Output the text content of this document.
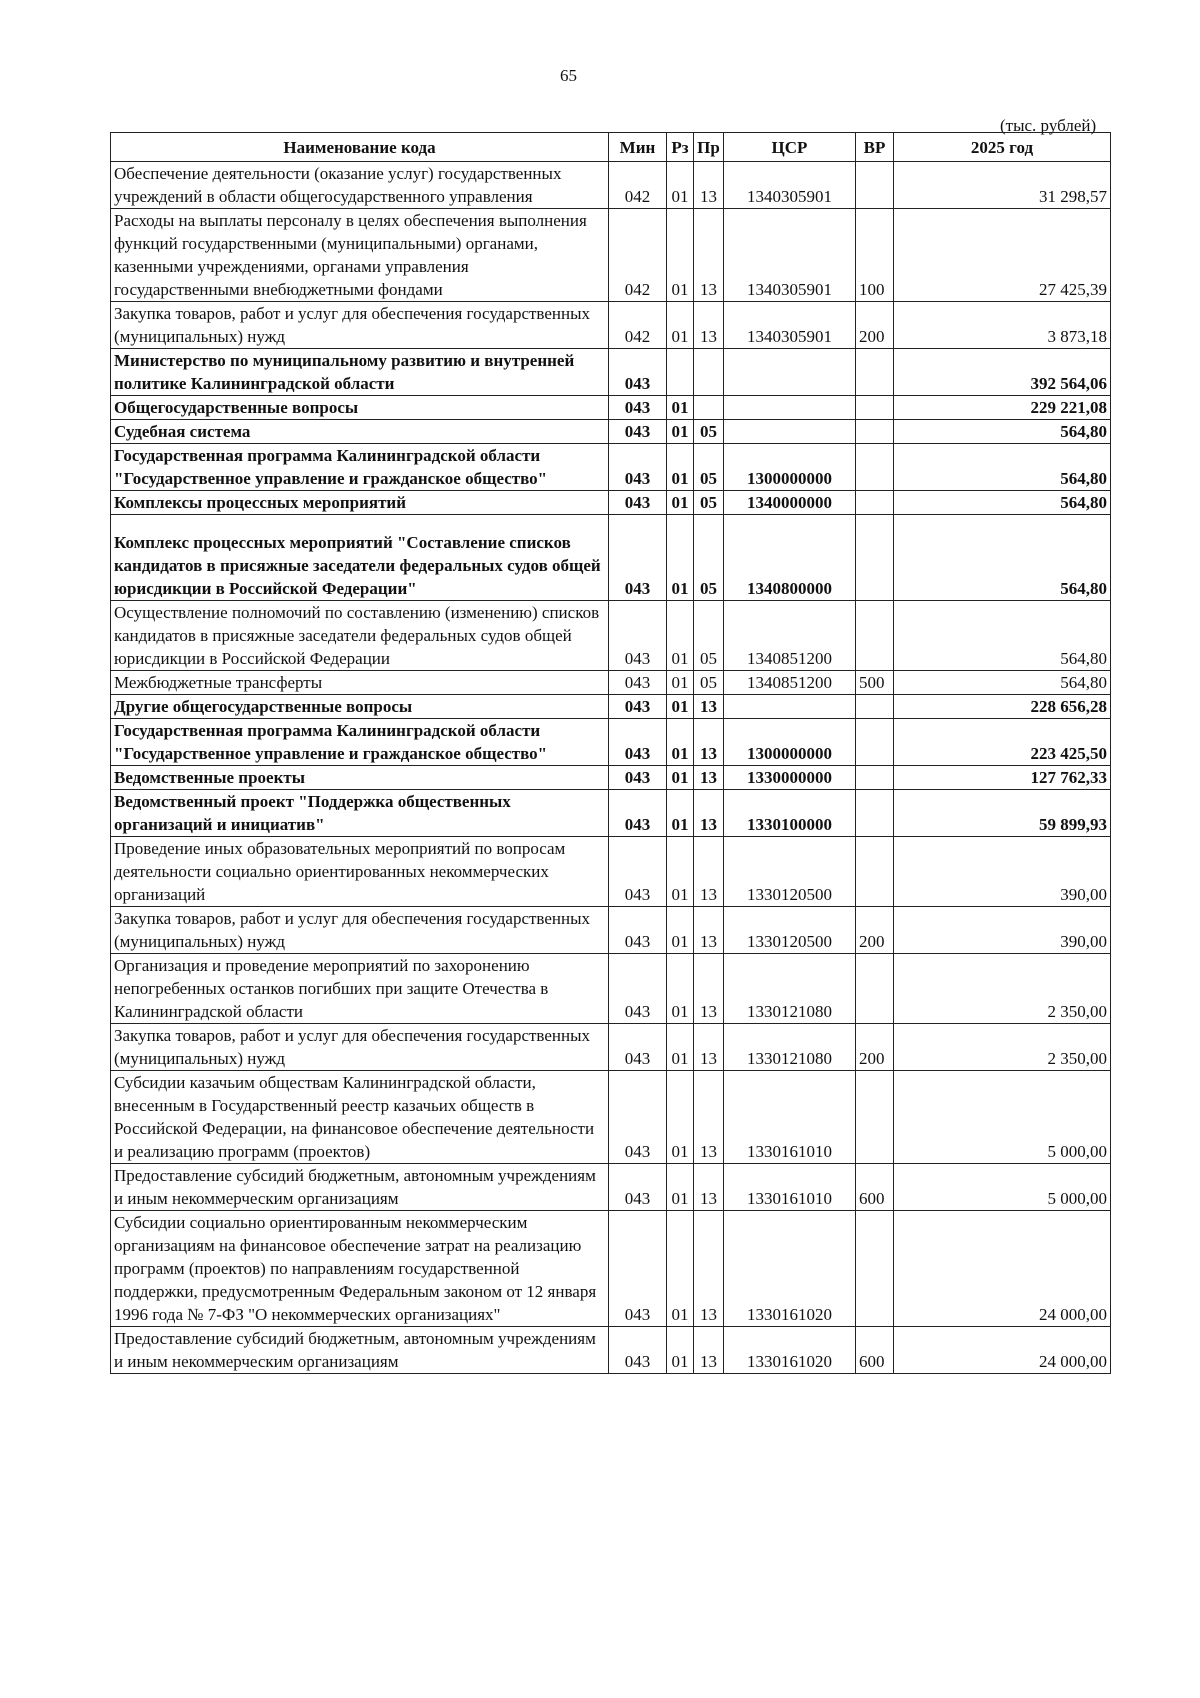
65
(тыс. рублей)
Наименование кода	Мин	Рз	Пр	ЦСР	ВР	2025 год
Обеспечение деятельности (оказание услуг) государственных учреждений в области общегосударственного управления	042	01	13	1340305901		31 298,57
Расходы на выплаты персоналу в целях обеспечения выполнения функций государственными (муниципальными) органами, казенными учреждениями, органами управления государственными внебюджетными фондами	042	01	13	1340305901	100	27 425,39
Закупка товаров, работ и услуг для обеспечения государственных (муниципальных) нужд	042	01	13	1340305901	200	3 873,18
Министерство по муниципальному развитию и внутренней политике Калининградской области	043					392 564,06
Общегосударственные вопросы	043	01				229 221,08
Судебная система	043	01	05			564,80
Государственная программа Калининградской области "Государственное управление и гражданское общество"	043	01	05	1300000000		564,80
Комплексы процессных мероприятий	043	01	05	1340000000		564,80
Комплекс процессных мероприятий "Составление списков кандидатов в присяжные заседатели федеральных судов общей юрисдикции в Российской Федерации"	043	01	05	1340800000		564,80
Осуществление полномочий по составлению (изменению) списков кандидатов в присяжные заседатели федеральных судов общей юрисдикции в Российской Федерации	043	01	05	1340851200		564,80
Межбюджетные трансферты	043	01	05	1340851200	500	564,80
Другие общегосударственные вопросы	043	01	13			228 656,28
Государственная программа Калининградской области "Государственное управление и гражданское общество"	043	01	13	1300000000		223 425,50
Ведомственные проекты	043	01	13	1330000000		127 762,33
Ведомственный проект "Поддержка общественных организаций и инициатив"	043	01	13	1330100000		59 899,93
Проведение иных образовательных мероприятий по вопросам деятельности социально ориентированных некоммерческих организаций	043	01	13	1330120500		390,00
Закупка товаров, работ и услуг для обеспечения государственных (муниципальных) нужд	043	01	13	1330120500	200	390,00
Организация и проведение мероприятий по захоронению непогребенных останков погибших при защите Отечества в Калининградской области	043	01	13	1330121080		2 350,00
Закупка товаров, работ и услуг для обеспечения государственных (муниципальных) нужд	043	01	13	1330121080	200	2 350,00
Субсидии казачьим обществам Калининградской области, внесенным в Государственный реестр казачьих обществ в Российской Федерации, на финансовое обеспечение деятельности и реализацию программ (проектов)	043	01	13	1330161010		5 000,00
Предоставление субсидий бюджетным, автономным учреждениям и иным некоммерческим организациям	043	01	13	1330161010	600	5 000,00
Субсидии социально ориентированным некоммерческим организациям на финансовое обеспечение затрат на реализацию программ (проектов) по направлениям государственной поддержки, предусмотренным Федеральным законом от 12 января 1996 года № 7-ФЗ "О некоммерческих организациях"	043	01	13	1330161020		24 000,00
Предоставление субсидий бюджетным, автономным учреждениям и иным некоммерческим организациям	043	01	13	1330161020	600	24 000,00
